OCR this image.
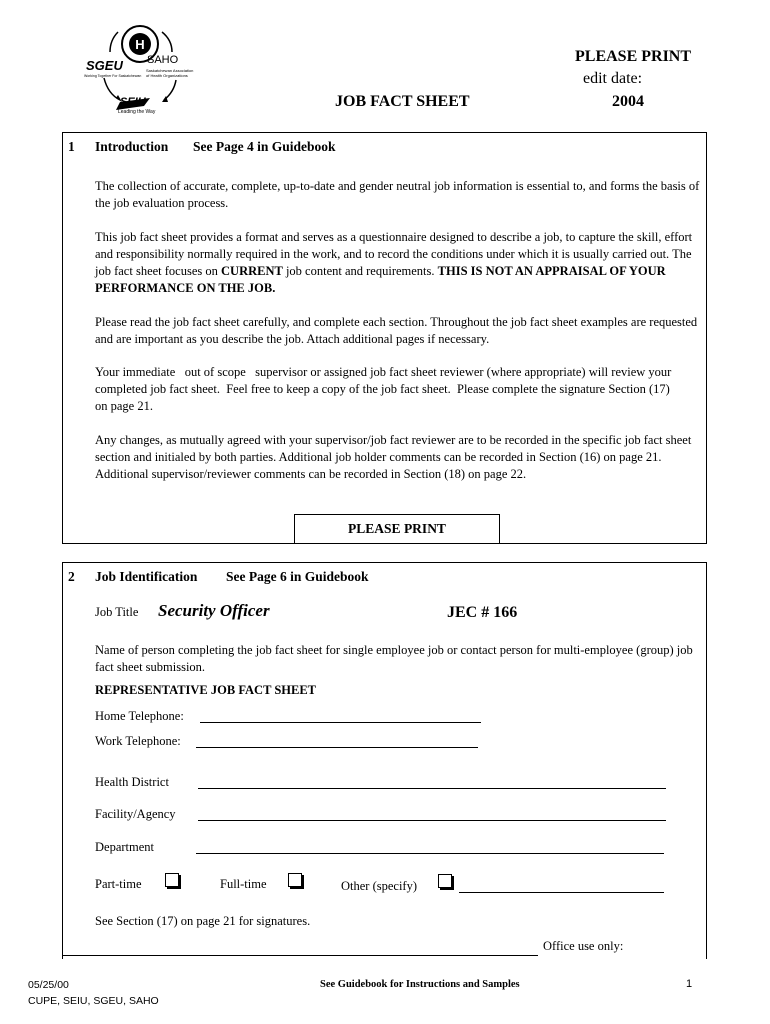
H
SGEU
Working Together For Saskatchewan
SAHO
Saskatchewan Association of Health Organizations
SEIU
Leading the Way
JOB FACT SHEET
PLEASE PRINT
edit date:
2004
1 Introduction See Page 4 in Guidebook

The collection of accurate, complete, up-to-date and gender neutral job information is essential to, and forms the basis of the job evaluation process.

This job fact sheet provides a format and serves as a questionnaire designed to describe a job, to capture the skill, effort and responsibility normally required in the work, and to record the conditions under which it is usually carried out. The job fact sheet focuses on CURRENT job content and requirements. THIS IS NOT AN APPRAISAL OF YOUR PERFORMANCE ON THE JOB.

Please read the job fact sheet carefully, and complete each section. Throughout the job fact sheet examples are requested and are important as you describe the job. Attach additional pages if necessary.

Your immediate   out of scope   supervisor or assigned job fact sheet reviewer (where appropriate) will review your completed job fact sheet.  Feel free to keep a copy of the job fact sheet.  Please complete the signature Section (17) on page 21.

Any changes, as mutually agreed with your supervisor/job fact reviewer are to be recorded in the specific job fact sheet section and initialed by both parties. Additional job holder comments can be recorded in Section (16) on page 21. Additional supervisor/reviewer comments can be recorded in Section (18) on page 22.

PLEASE PRINT
2 Job Identification See Page 6 in Guidebook
Job Title Security Officer	JEC # 166

Name of person completing the job fact sheet for single employee job or contact person for multi-employee (group) job fact sheet submission.

REPRESENTATIVE JOB FACT SHEET
Home Telephone:
Work Telephone:
Health District
Facility/Agency
Department
Part-time	Full-time	Other (specify)
See Section (17) on page 21 for signatures.
Office use only:
05/25/00
CUPE, SEIU, SGEU, SAHO
See Guidebook for Instructions and Samples	1
